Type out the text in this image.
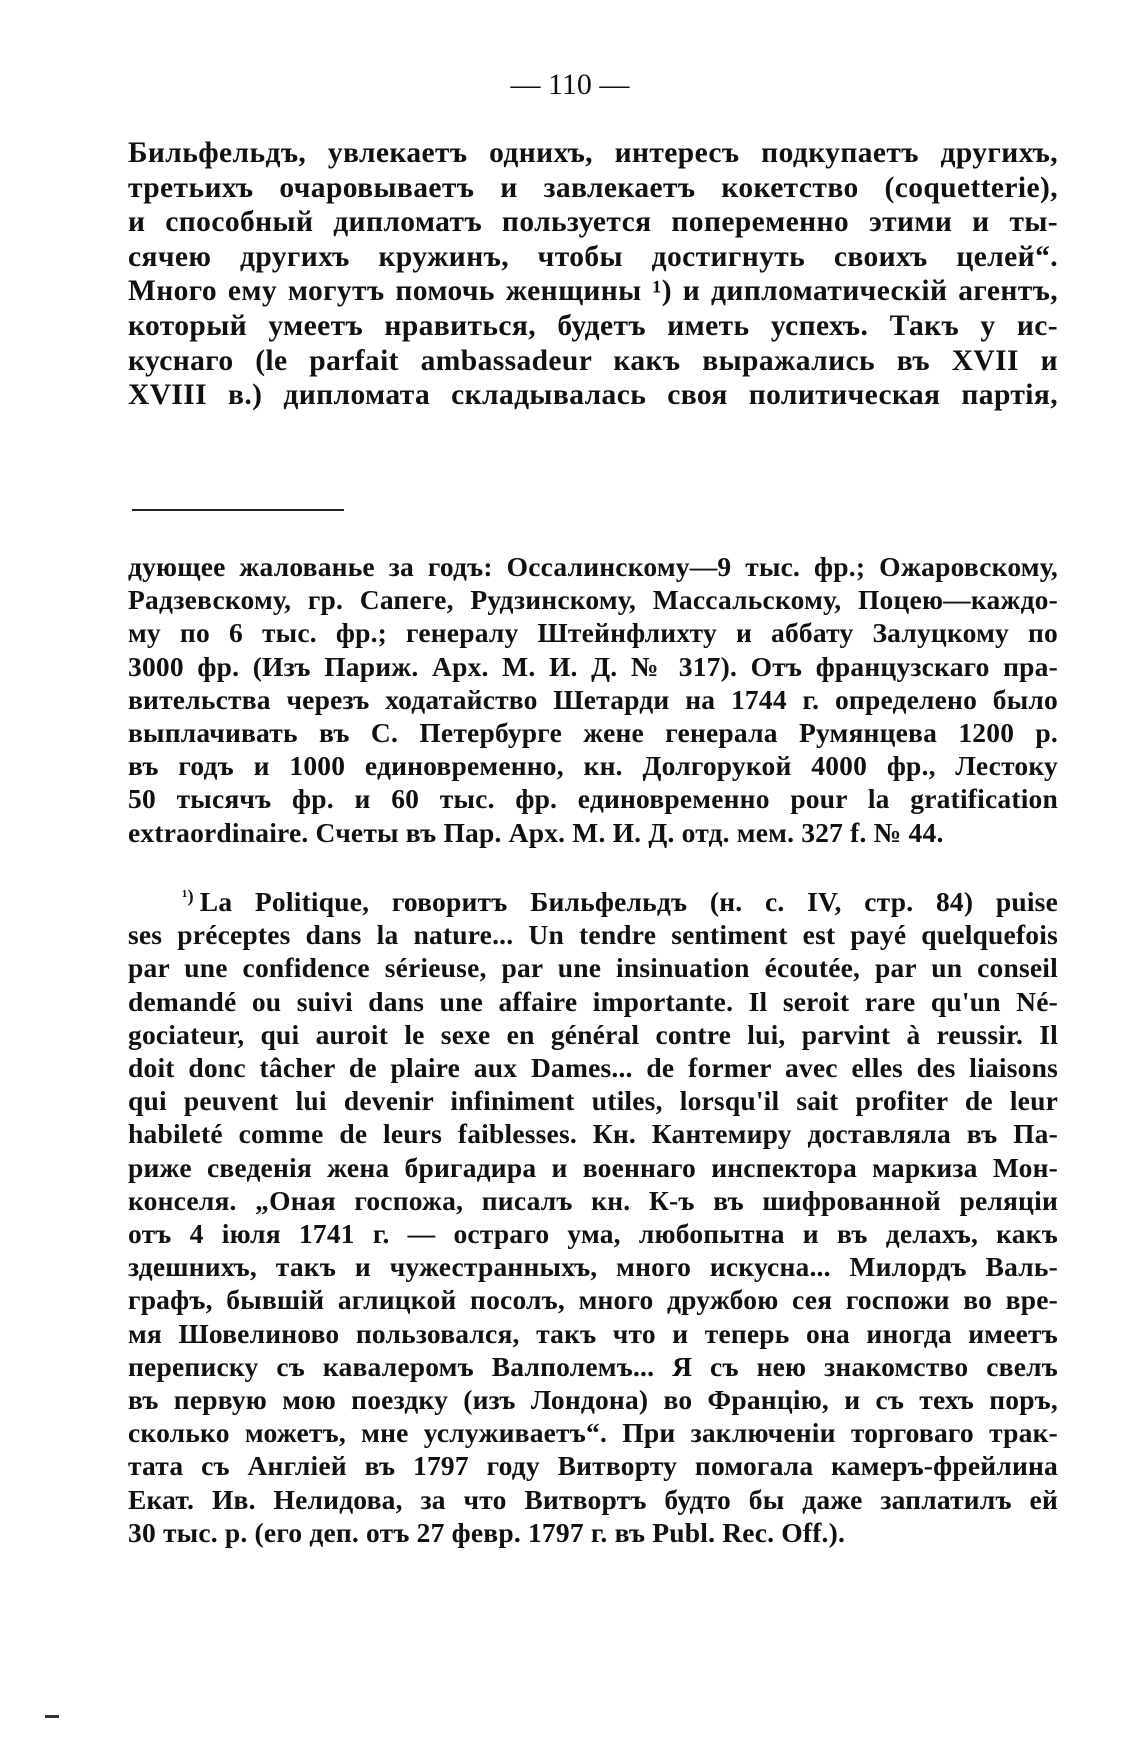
— 110 —
Бильфельдъ, увлекаетъ однихъ, интересъ подкупаетъ другихъ,
третьихъ очаровываетъ и завлекаетъ кокетство (coquetterie),
и способный дипломатъ пользуется попеременно этими и ты-
сячею другихъ кружинъ, чтобы достигнуть своихъ целей“.
Много ему могутъ помочь женщины ¹) и дипломатическiй агентъ,
который умеетъ нравиться, будетъ иметь успехъ. Такъ у ис-
куснаго (le parfait ambassadeur какъ выражались въ XVII и
XVIII в.) дипломата складывалась своя политическая партiя,
дующее жалованье за годъ: Оссалинскому—9 тыс. фр.; Ожаровскому,
Радзевскому, гр. Сапеге, Рудзинскому, Массальскому, Поцею—каждо-
му по 6 тыс. фр.; генералу Штейнфлихту и аббату Залуцкому по
3000 фр. (Изъ Париж. Арх. М. И. Д. № 317). Отъ французскаго пра-
вительства черезъ ходатайство Шетарди на 1744 г. определено было
выплачивать въ С. Петербурге жене генерала Румянцева 1200 р.
въ годъ и 1000 единовременно, кн. Долгорукой 4000 фр., Лестоку
50 тысячъ фр. и 60 тыс. фр. единовременно pour la gratification
extraordinaire. Счеты въ Пар. Арх. М. И. Д. отд. мем. 327 f. № 44.
$^{^1)}$ La Politique, говоритъ Бильфельдъ (н. с. IV, стр. 84) puise
ses préceptes dans la nature... Un tendre sentiment est payé quelquefois
par une confidence sérieuse, par une insinuation écoutée, par un conseil
demandé ou suivi dans une affaire importante. Il seroit rare qu'un Né-
gociateur, qui auroit le sexe en général contre lui, parvint à reussir. Il
doit donc tâcher de plaire aux Dames... de former avec elles des liaisons
qui peuvent lui devenir infiniment utiles, lorsqu'il sait profiter de leur
habileté comme de leurs faiblesses. Кн. Кантемиру доставляла въ Па-
риже сведенiя жена бригадира и военнаго инспектора маркиза Мон-
конселя. „Оная госпожа, писалъ кн. К-ъ въ шифрованной реляцiи
отъ 4 iюля 1741 г. — остраго ума, любопытна и въ делахъ, какъ
здешнихъ, такъ и чужестранныхъ, много искусна... Милордъ Валь-
графъ, бывшiй аглицкой посолъ, много дружбою сея госпожи во вре-
мя Шовелиново пользовался, такъ что и теперь она иногда имеетъ
переписку съ кавалеромъ Валполемъ... Я съ нею знакомство свелъ
въ первую мою поездку (изъ Лондона) во Францiю, и съ техъ поръ,
сколько можетъ, мне услуживаетъ“. При заключенiи торговаго трак-
тата съ Англiей въ 1797 году Витворту помогала камеръ-фрейлина
Екат. Ив. Нелидова, за что Витвортъ будто бы даже заплатилъ ей
30 тыс. р. (его деп. отъ 27 февр. 1797 г. въ Publ. Rec. Off.).
